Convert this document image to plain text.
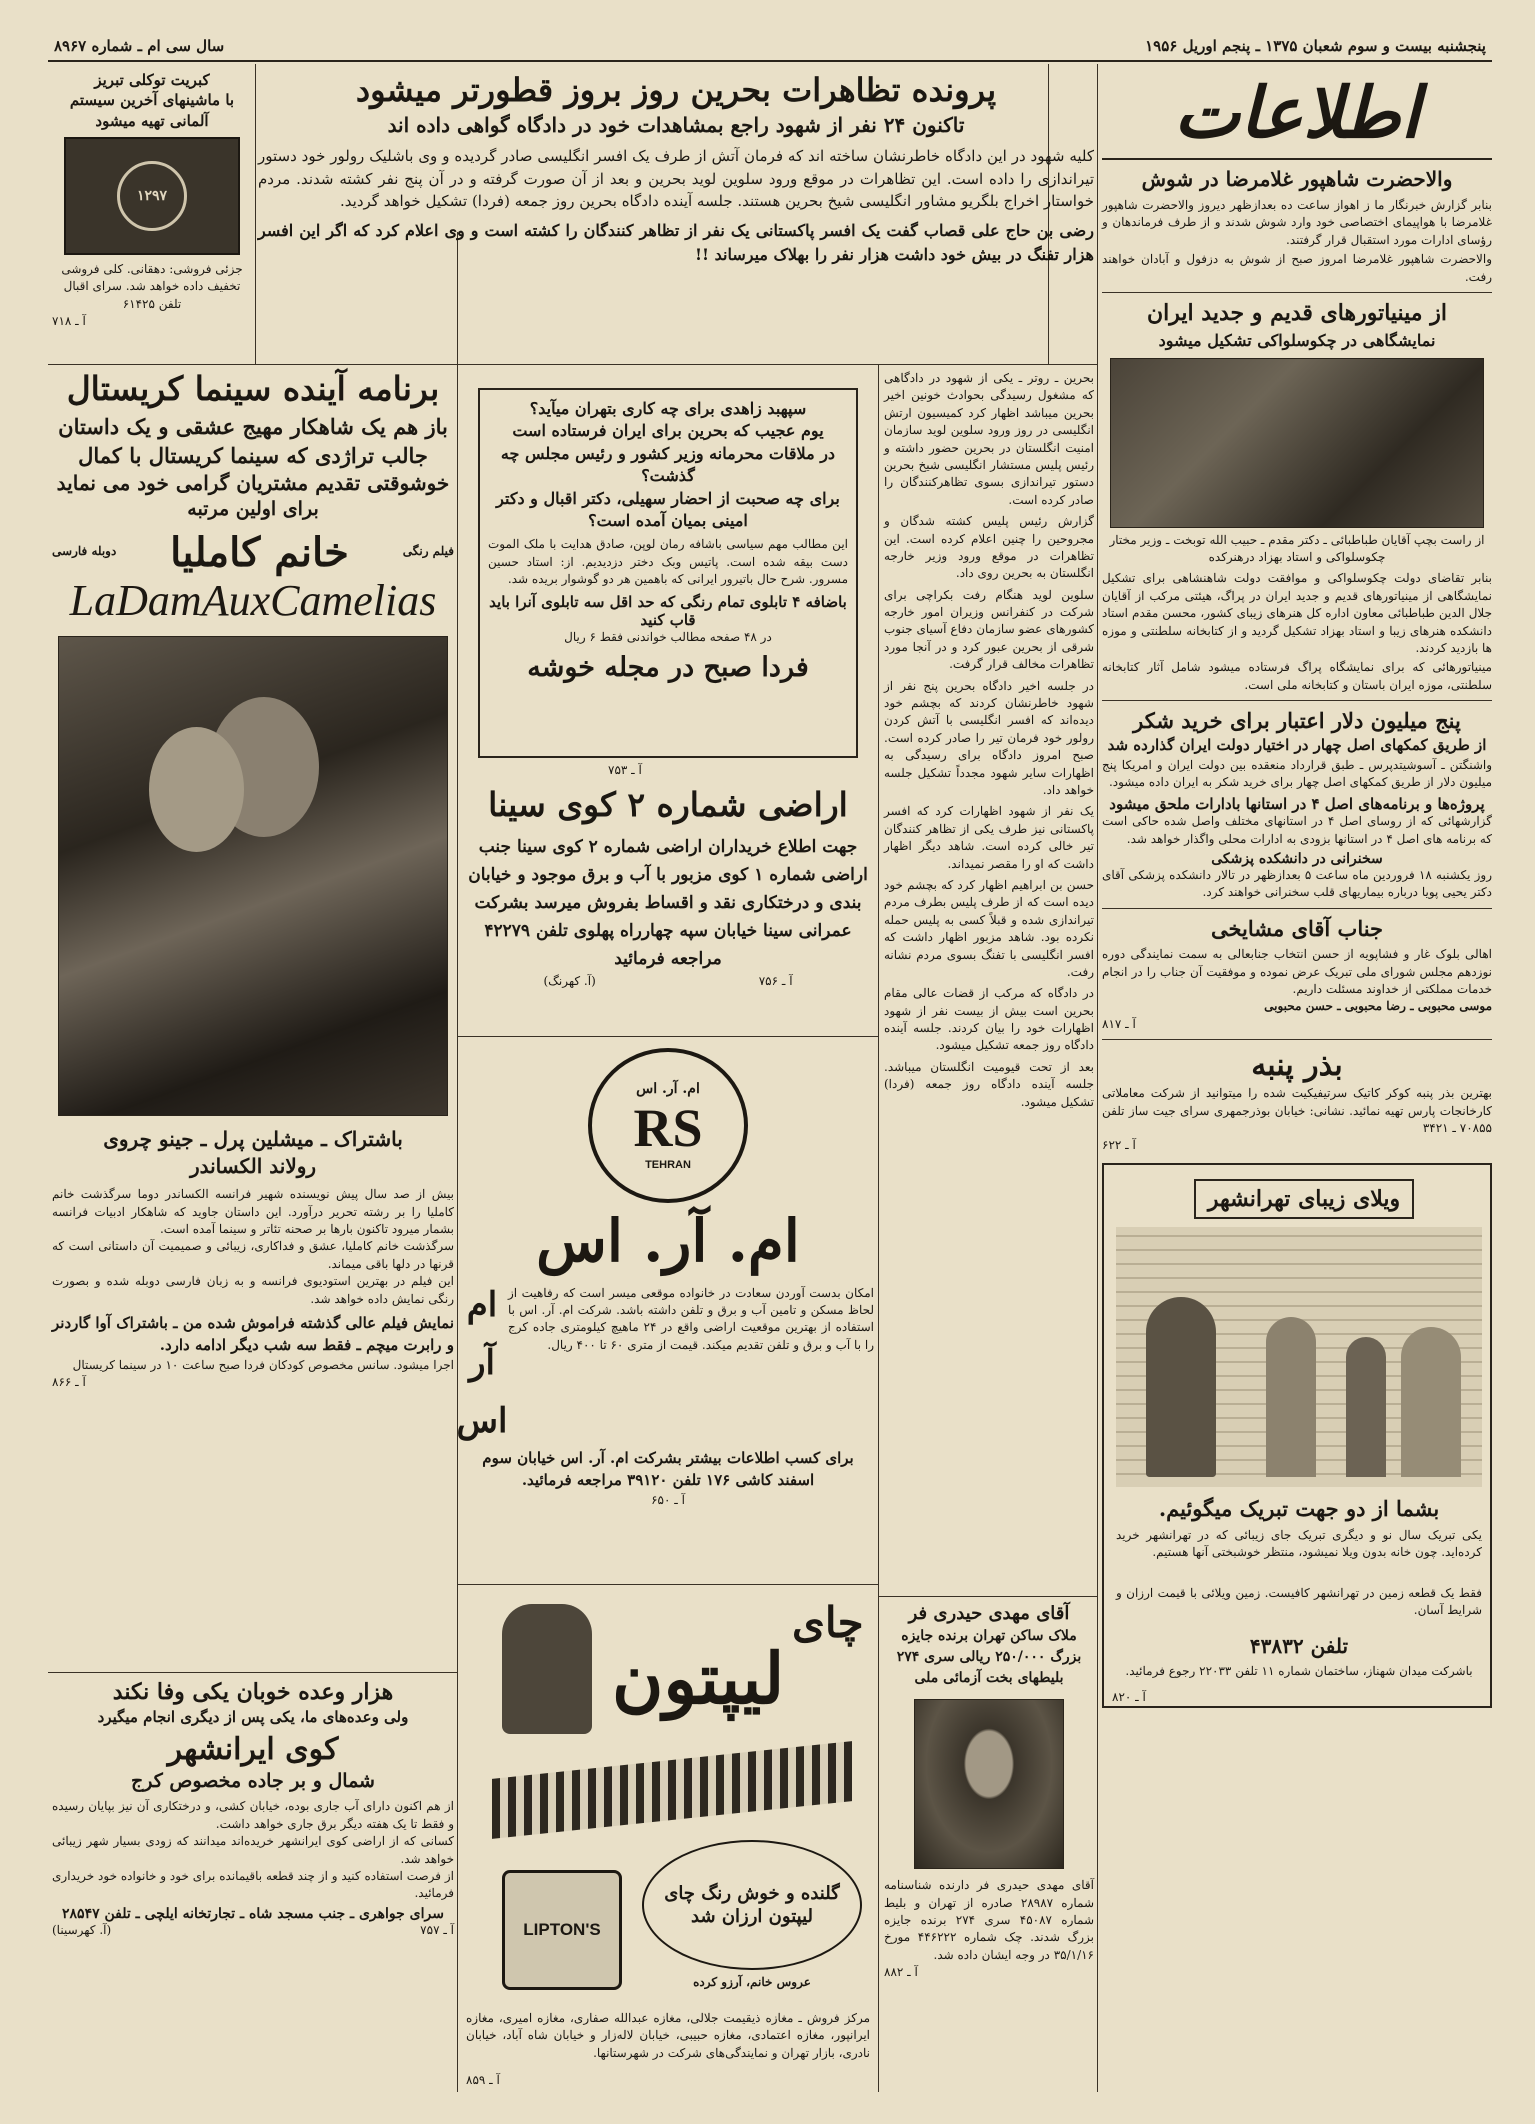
پنجشنبه بیست و سوم شعبان ۱۳۷۵ ـ پنجم اوریل ۱۹۵۶
سال سی ام ـ شماره ۸۹۶۷
اطلاعات
والاحضرت شاهپور غلامرضا در شوش
بنابر گزارش خبرنگار ما ز اهواز ساعت ده بعدازظهر دیروز والاحضرت شاهپور غلامرضا با هواپیمای اختصاصی خود وارد شوش شدند و از طرف فرماندهان و رؤسای ادارات مورد استقبال قرار گرفتند.
والاحضرت شاهپور غلامرضا امروز صبح از شوش به دزفول و آبادان خواهند رفت.
از مینیاتورهای قدیم و جدید ایران
نمایشگاهی در چکوسلواکی تشکیل میشود
از راست بچپ آقایان طباطبائی ـ دکتر مقدم ـ حبیب الله توبخت ـ وزیر مختار چکوسلواکی و استاد بهزاد درهنرکده
بنابر تقاضای دولت چکوسلواکی و موافقت دولت شاهنشاهی برای تشکیل نمایشگاهی از مینیاتورهای قدیم و جدید ایران در پراگ، هیئتی مرکب از آقایان جلال الدین طباطبائی معاون اداره کل هنرهای زیبای کشور، محسن مقدم استاد دانشکده هنرهای زیبا و استاد بهزاد تشکیل گردید و از کتابخانه سلطنتی و موزه ها بازدید کردند.
مینیاتورهائی که برای نمایشگاه پراگ فرستاده میشود شامل آثار کتابخانه سلطنتی، موزه ایران باستان و کتابخانه ملی است.
پنج میلیون دلار اعتبار برای خرید شکر
از طریق کمکهای اصل چهار در اختیار دولت ایران گذارده شد
واشنگتن ـ آسوشیتدپرس ـ طبق قرارداد منعقده بین دولت ایران و امریکا پنج میلیون دلار از طریق کمکهای اصل چهار برای خرید شکر به ایران داده میشود.
پروژه‌ها و برنامه‌های اصل ۴ در استانها بادارات ملحق میشود
گزارشهائی که از روسای اصل ۴ در استانهای مختلف واصل شده حاکی است که برنامه های اصل ۴ در استانها بزودی به ادارات محلی واگذار خواهد شد.
سخنرانی در دانشکده پزشکی
روز یکشنبه ۱۸ فروردین ماه ساعت ۵ بعدازظهر در تالار دانشکده پزشکی آقای دکتر یحیی پویا درباره بیماریهای قلب سخنرانی خواهند کرد.
جناب آقای مشایخی
اهالی بلوک غار و فشاپویه از حسن انتخاب جنابعالی به سمت نمایندگی دوره نوزدهم مجلس شورای ملی تبریک عرض نموده و موفقیت آن جناب را در انجام خدمات مملکتی از خداوند مسئلت داریم.
موسی محبوبی ـ رضا محبوبی ـ حسن محبوبی
آ ـ ۸۱۷
بذر پنبه
بهترین بذر پنبه کوکر کاتیک سرتیفیکیت شده را میتوانید از شرکت معاملاتی کارخانجات پارس تهیه نمائید. نشانی: خیابان بوذرجمهری سرای جیت ساز تلفن ۷۰۸۵۵ ـ ۳۴۲۱
آ ـ ۶۲۲
ویلای زیبای تهرانشهر
بشما از دو جهت تبریک میگوئیم.
یکی تبریک سال نو و دیگری تبریک جای زیبائی که در تهرانشهر خرید کرده‌اید. چون خانه بدون ویلا نمیشود، منتظر خوشبختی آنها هستیم.
فقط یک قطعه زمین در تهرانشهر کافیست. زمین ویلائی با قیمت ارزان و شرایط آسان.
تلفن ۴۳۸۳۲
باشرکت میدان شهناز، ساختمان شماره ۱۱ تلفن ۲۲۰۳۳ رجوع فرمائید.
آ ـ ۸۲۰
پرونده تظاهرات بحرین روز بروز قطورتر میشود
تاکنون ۲۴ نفر از شهود راجع بمشاهدات خود در دادگاه گواهی داده اند
کلیه شهود در این دادگاه خاطرنشان ساخته اند که فرمان آتش از طرف یک افسر انگلیسی صادر گردیده و وی باشلیک رولور خود دستور تیراندازی را داده است. این تظاهرات در موقع ورود سلوین لوید بحرین و بعد از آن صورت گرفته و در آن پنج نفر کشته شدند. مردم خواستار اخراج بلگریو مشاور انگلیسی شیخ بحرین هستند. جلسه آینده دادگاه بحرین روز جمعه (فردا) تشکیل خواهد گردید.
رضی بن حاج علی قصاب گفت یک افسر پاکستانی یک نفر از تظاهر کنندگان را کشته است و وی اعلام کرد که اگر این افسر هزار تفنگ در بیش خود داشت هزار نفر را بهلاک میرساند !!
کبریت توکلی تبریز
با ماشینهای آخرین سیستم
آلمانی تهیه میشود
۱۲۹۷
جزئی فروشی: دهقانی. کلی فروشی تخفیف داده خواهد شد. سرای اقبال تلفن ۶۱۴۲۵
آ ـ ۷۱۸
برنامه آینده سینما کریستال
باز هم یک شاهکار مهیج عشقی و یک داستان
جالب تراژدی که سینما کریستال با کمال
خوشوقتی تقدیم مشتریان گرامی خود می نماید
برای اولین مرتبه
فیلم رنگی
خانم کاملیا
دوبله فارسی
LaDamAuxCamelias
باشتراک ـ میشلین پرل ـ جینو چروی
رولاند الکساندر
بیش از صد سال پیش نویسنده شهیر فرانسه الکساندر دوما سرگذشت خانم کاملیا را بر رشته تحریر درآورد. این داستان جاوید که شاهکار ادبیات فرانسه بشمار میرود تاکنون بارها بر صحنه تئاتر و سینما آمده است.
سرگذشت خانم کاملیا، عشق و فداکاری، زیبائی و صمیمیت آن داستانی است که قرنها در دلها باقی میماند.
این فیلم در بهترین استودیوی فرانسه و به زبان فارسی دوبله شده و بصورت رنگی نمایش داده خواهد شد.
نمایش فیلم عالی گذشته فراموش شده من ـ باشتراک آوا گاردنر و رابرت میچم ـ فقط سه شب دیگر ادامه دارد.
اجرا میشود. سانس مخصوص کودکان فردا صبح ساعت ۱۰ در سینما کریستال
آ ـ ۸۶۶
هزار وعده خوبان یکی وفا نکند
ولی وعده‌های ما، یکی پس از دیگری انجام میگیرد
کوی ایرانشهر
شمال و بر جاده مخصوص کرج
از هم اکنون دارای آب جاری بوده، خیابان کشی، و درختکاری آن نیز بپایان رسیده و فقط تا یک هفته دیگر برق جاری خواهد داشت.
کسانی که از اراضی کوی ایرانشهر خریده‌اند میدانند که زودی بسیار شهر زیبائی خواهد شد.
از فرصت استفاده کنید و از چند قطعه باقیمانده برای خود و خانواده خود خریداری فرمائید.
سرای جواهری ـ جنب مسجد شاه ـ تجارتخانه ایلچی ـ تلفن ۲۸۵۴۷
آ ـ ۷۵۷
(آ. کهرسینا)
سپهبد زاهدی برای چه کاری بتهران میآید؟
یوم عجیب که بحرین برای ایران فرستاده است
در ملاقات محرمانه وزیر کشور و رئیس مجلس چه گذشت؟
برای چه صحبت از احضار سهیلی، دکتر اقبال و دکتر امینی بمیان آمده است؟
این مطالب مهم سیاسی باشافه رمان لوپن، صادق هدایت با ملک الموت دست بیقه شده است. پاتیس وبک دختر دزدیدیم. از: استاد حسین مسرور. شرح حال باتیرور ایرانی که باهمین هر دو گوشوار بریده شد.
باضافه ۴ تابلوی تمام رنگی که حد اقل سه تابلوی آنرا باید قاب کنید
در ۴۸ صفحه مطالب خواندنی فقط ۶ ریال
فردا صبح در مجله خوشه
آ ـ ۷۵۳
اراضی شماره ۲ کوی سینا
جهت اطلاع خریداران اراضی شماره ۲ کوی سینا جنب اراضی شماره ۱ کوی مزبور با آب و برق موجود و خیابان بندی و درختکاری نقد و اقساط بفروش میرسد بشرکت عمرانی سینا خیابان سپه چهارراه پهلوی تلفن ۴۲۲۷۹ مراجعه فرمائید
آ ـ ۷۵۶
(آ. کهرنگ)
ام. آر. اس
RS
TEHRAN
ام. آر. اس
امکان بدست آوردن سعادت در خانواده موقعی میسر است که رفاهیت از لحاظ مسکن و تامین آب و برق و تلفن داشته باشد. شرکت ام. آر. اس با استفاده از بهترین موقعیت اراضی واقع در ۲۴ ماهیچ کیلومتری جاده کرج را با آب و برق و تلفن تقدیم میکند. قیمت از متری ۶۰ تا ۴۰۰ ریال.
ام
آر
اس
برای کسب اطلاعات بیشتر بشرکت ام. آر. اس خیابان سوم اسفند کاشی ۱۷۶ تلفن ۳۹۱۲۰ مراجعه فرمائید.
آ ـ ۶۵۰
چای
لیپتون
LIPTON'S
گلنده و خوش رنگ چای لیپتون ارزان شد
عروس خانم، آرزو کرده
مرکز فروش ـ مغازه ذیقیمت جلالی، مغازه عبدالله صفاری، مغازه امیری، مغازه ایرانپور، مغازه اعتمادی، مغازه حبیبی، خیابان لاله‌زار و خیابان شاه آباد، خیابان نادری، بازار تهران و نمایندگی‌های شرکت در شهرستانها.
آ ـ ۸۵۹
بحرین ـ روتر ـ یکی از شهود در دادگاهی که مشغول رسیدگی بحوادث خونین اخیر بحرین میباشد اظهار کرد کمیسیون ارتش انگلیسی در روز ورود سلوین لوید سازمان امنیت انگلستان در بحرین حضور داشته و رئیس پلیس مستشار انگلیسی شیخ بحرین دستور تیراندازی بسوی تظاهرکنندگان را صادر کرده است.
گزارش رئیس پلیس کشته شدگان و مجروحین را چنین اعلام کرده است. این تظاهرات در موقع ورود وزیر خارجه انگلستان به بحرین روی داد.
سلوین لوید هنگام رفت بکراچی برای شرکت در کنفرانس وزیران امور خارجه کشورهای عضو سازمان دفاع آسیای جنوب شرقی از بحرین عبور کرد و در آنجا مورد تظاهرات مخالف قرار گرفت.
در جلسه اخیر دادگاه بحرین پنج نفر از شهود خاطرنشان کردند که بچشم خود دیده‌اند که افسر انگلیسی با آتش کردن رولور خود فرمان تیر را صادر کرده است. صبح امروز دادگاه برای رسیدگی به اظهارات سایر شهود مجدداً تشکیل جلسه خواهد داد.
یک نفر از شهود اظهارات کرد که افسر پاکستانی نیز طرف یکی از تظاهر کنندگان تیر خالی کرده است. شاهد دیگر اظهار داشت که او را مقصر نمیداند.
حسن بن ابراهیم اظهار کرد که بچشم خود دیده است که از طرف پلیس بطرف مردم تیراندازی شده و قبلاً کسی به پلیس حمله نکرده بود. شاهد مزبور اظهار داشت که افسر انگلیسی با تفنگ بسوی مردم نشانه رفت.
در دادگاه که مرکب از قضات عالی مقام بحرین است بیش از بیست نفر از شهود اظهارات خود را بیان کردند. جلسه آینده دادگاه روز جمعه تشکیل میشود.
بعد از تحت قیومیت انگلستان میباشد. جلسه آینده دادگاه روز جمعه (فردا) تشکیل میشود.
آقای مهدی حیدری فر
ملاک ساکن تهران برنده جایزه بزرگ ۲۵۰/۰۰۰ ریالی سری ۲۷۴ بلیطهای بخت آزمائی ملی
آقای مهدی حیدری فر دارنده شناسنامه شماره ۲۸۹۸۷ صادره از تهران و بلیط شماره ۴۵۰۸۷ سری ۲۷۴ برنده جایزه بزرگ شدند. چک شماره ۴۴۶۲۲۲ مورخ ۳۵/۱/۱۶ در وجه ایشان داده شد.
آ ـ ۸۸۲
